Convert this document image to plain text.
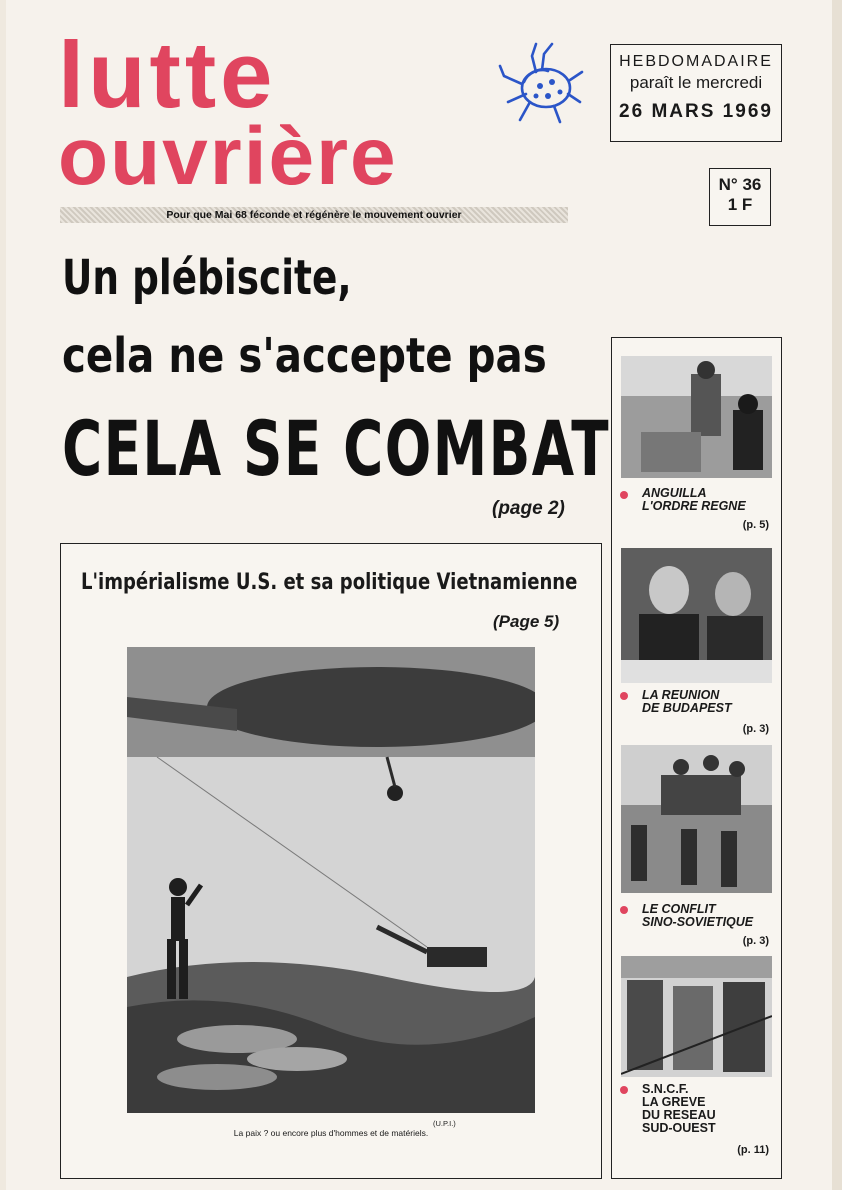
lutte
ouvrière
HEBDOMADAIRE
paraît le mercredi
26 MARS 1969
N° 36
1 F
Pour que Mai 68 féconde et régénère le mouvement ouvrier
Un plébiscite,
cela ne s'accepte pas
CELA SE COMBAT

(page 2)

L'impérialisme U.S. et sa politique Vietnamienne

(Page 5)

(U.P.I.)

La paix ? ou encore plus d'hommes et de matériels.

ANGUILLA

L'ORDRE REGNE

(p. 5)

LA REUNION

DE BUDAPEST

(p. 3)

LE CONFLIT

SINO-SOVIETIQUE

(p. 3)

S.N.C.F.

LA GREVE

DU RESEAU

SUD-OUEST

(p. 11)
